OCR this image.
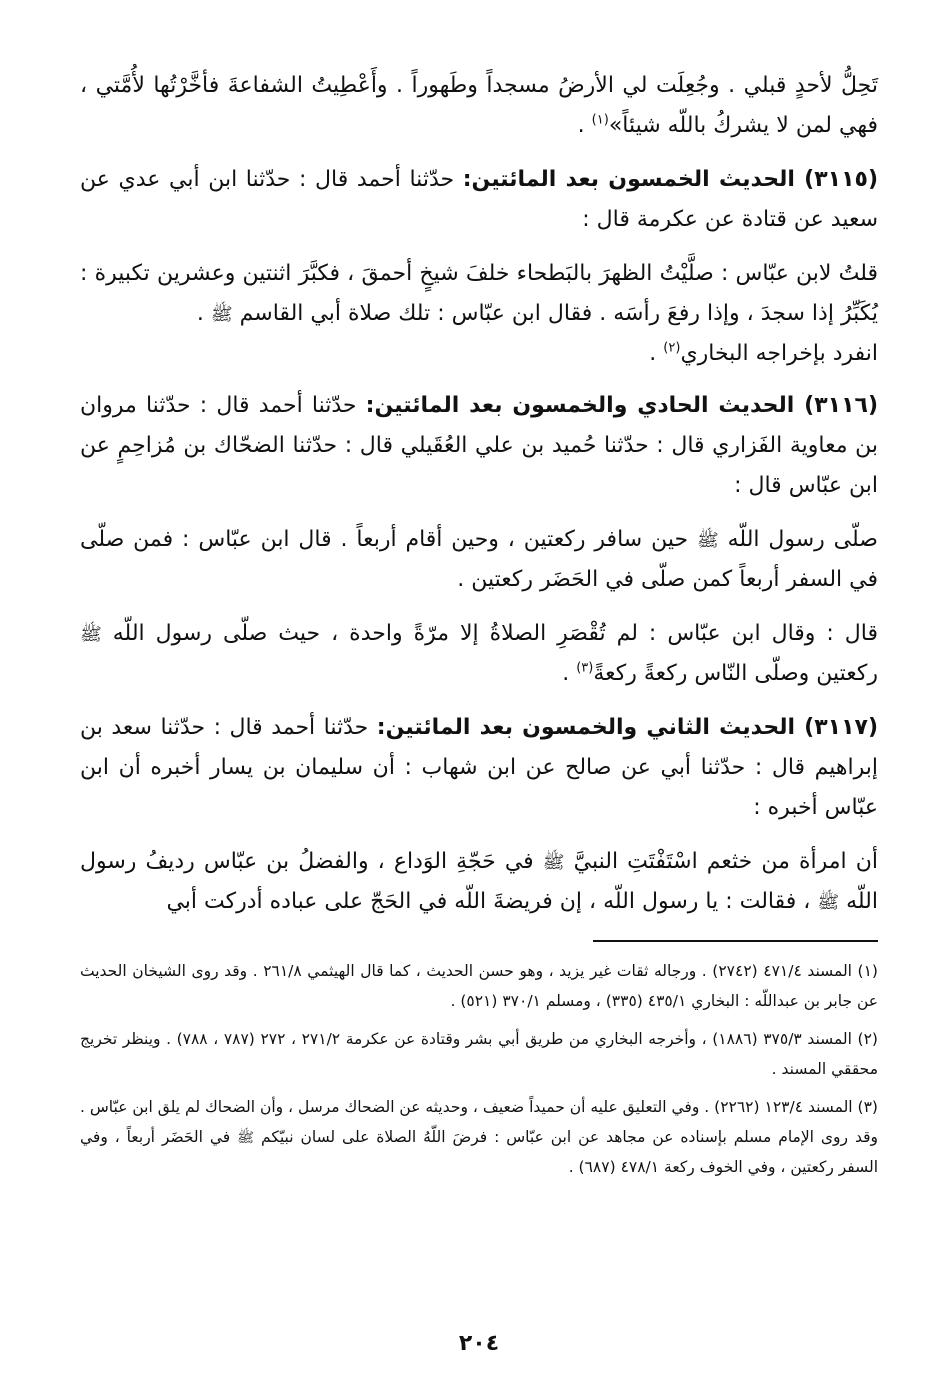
تَحِلُّ لأحدٍ قبلي . وجُعِلَت لي الأرضُ مسجداً وطَهوراً . وأَعْطِيتُ الشفاعةَ فأخَّرْتُها لأُمَّتي ، فهي لمن لا يشركُ باللّه شيئاً»$^{(١)}$ .

(٣١١٥) الحديث الخمسون بعد المائتين: حدّثنا أحمد قال : حدّثنا ابن أبي عدي عن سعيد عن قتادة عن عكرمة قال :

قلتُ لابن عبّاس : صلَّيْتُ الظهرَ بالبَطحاء خلفَ شيخٍ أحمقَ ، فكبَّرَ اثنتين وعشرين تكبيرة : يُكَبِّرُ إذا سجدَ ، وإذا رفعَ رأسَه . فقال ابن عبّاس : تلك صلاة أبي القاسم ﷺ .
انفرد بإخراجه البخاري$^{(٢)}$ .

(٣١١٦) الحديث الحادي والخمسون بعد المائتين: حدّثنا أحمد قال : حدّثنا مروان بن معاوية الفَزاري قال : حدّثنا حُميد بن علي العُقَيلي قال : حدّثنا الضحّاك بن مُزاحِمٍ عن ابن عبّاس قال :

صلّى رسول اللّه ﷺ حين سافر ركعتين ، وحين أقام أربعاً . قال ابن عبّاس : فمن صلّى في السفر أربعاً كمن صلّى في الحَضَر ركعتين .

قال : وقال ابن عبّاس : لم تُقْصَرِ الصلاةُ إلا مرّةً واحدة ، حيث صلّى رسول اللّه ﷺ ركعتين وصلّى النّاس ركعةً ركعةً$^{(٣)}$ .

(٣١١٧) الحديث الثاني والخمسون بعد المائتين: حدّثنا أحمد قال : حدّثنا سعد بن إبراهيم قال : حدّثنا أبي عن صالح عن ابن شهاب : أن سليمان بن يسار أخبره أن ابن عبّاس أخبره :

أن امرأة من خثعم اسْتَفْتَتِ النبيَّ ﷺ في حَجّةِ الوَداع ، والفضلُ بن عبّاس رديفُ رسول اللّه ﷺ ، فقالت : يا رسول اللّه ، إن فريضةَ اللّه في الحَجّ على عباده أدركت أبي

(١) المسند ٤٧١/٤ (٢٧٤٢) . ورجاله ثقات غير يزيد ، وهو حسن الحديث ، كما قال الهيثمي ٢٦١/٨ . وقد روى الشيخان الحديث عن جابر بن عبداللّه : البخاري ٤٣٥/١ (٣٣٥) ، ومسلم ٣٧٠/١ (٥٢١) .

(٢) المسند ٣٧٥/٣ (١٨٨٦) ، وأخرجه البخاري من طريق أبي بشر وقتادة عن عكرمة ٢٧١/٢ ، ٢٧٢ (٧٨٧ ، ٧٨٨) . وينظر تخريج محققي المسند .

(٣) المسند ١٢٣/٤ (٢٢٦٢) . وفي التعليق عليه أن حميداً ضعيف ، وحديثه عن الضحاك مرسل ، وأن الضحاك لم يلق ابن عبّاس . وقد روى الإمام مسلم بإسناده عن مجاهد عن ابن عبّاس : فرضَ اللّهُ الصلاة على لسان نبيّكم ﷺ في الحَضَر أربعاً ، وفي السفر ركعتين ، وفي الخوف ركعة ٤٧٨/١ (٦٨٧) .

٢٠٤
